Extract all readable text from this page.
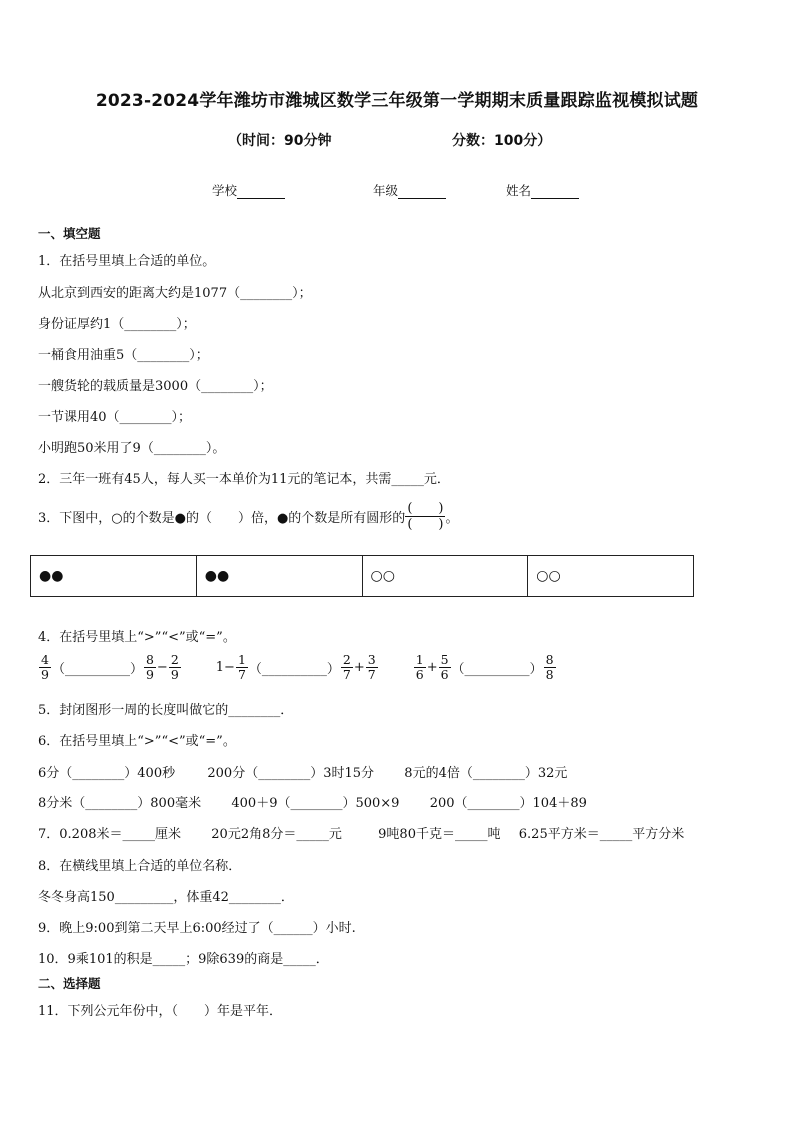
2023-2024学年潍坊市潍城区数学三年级第一学期期末质量跟踪监视模拟试题
（时间：90分钟	分数：100分）
学校	年级	姓名
一、填空题
1．在括号里填上合适的单位。
从北京到西安的距离大约是1077（________）；
身份证厚约1（________）；
一桶食用油重5（________）；
一艘货轮的载质量是3000（________）；
一节课用40（________）；
小明跑50米用了9（________）。
2．三年一班有45人，每人买一本单价为11元的笔记本，共需_____元．
3．下图中，○的个数是●的（　　）倍，●的个数是所有圆形的 $\frac{( )}{( )}$ 。
●●	●●	○○	○○
4．在括号里填上“>”“<”或“=”。
$\frac{4}{9}$ （__________） $\frac{8}{9} - \frac{2}{9}$	$1- \frac{1}{7}$ （__________） $\frac{2}{7} + \frac{3}{7}$	$\frac{1}{6} + \frac{5}{6}$ （__________） $\frac{8}{8}$
5．封闭图形一周的长度叫做它的________．
6．在括号里填上“>”“<”或“=”。
6分（________）400秒 200分（________）3时15分 8元的4倍（________）32元
8分米（________）800毫米 400＋9（________）500×9 200（________）104＋89
7．0.208米＝_____厘米 20元2角8分＝_____元	9吨80千克＝_____吨 6.25平方米＝_____平方分米
8．在横线里填上合适的单位名称．
冬冬身高150_________，体重42________．
9．晚上9:00到第二天早上6:00经过了（______）小时.
10．9乘101的积是_____；9除639的商是_____．
二、选择题
11．下列公元年份中，（　　）年是平年．
